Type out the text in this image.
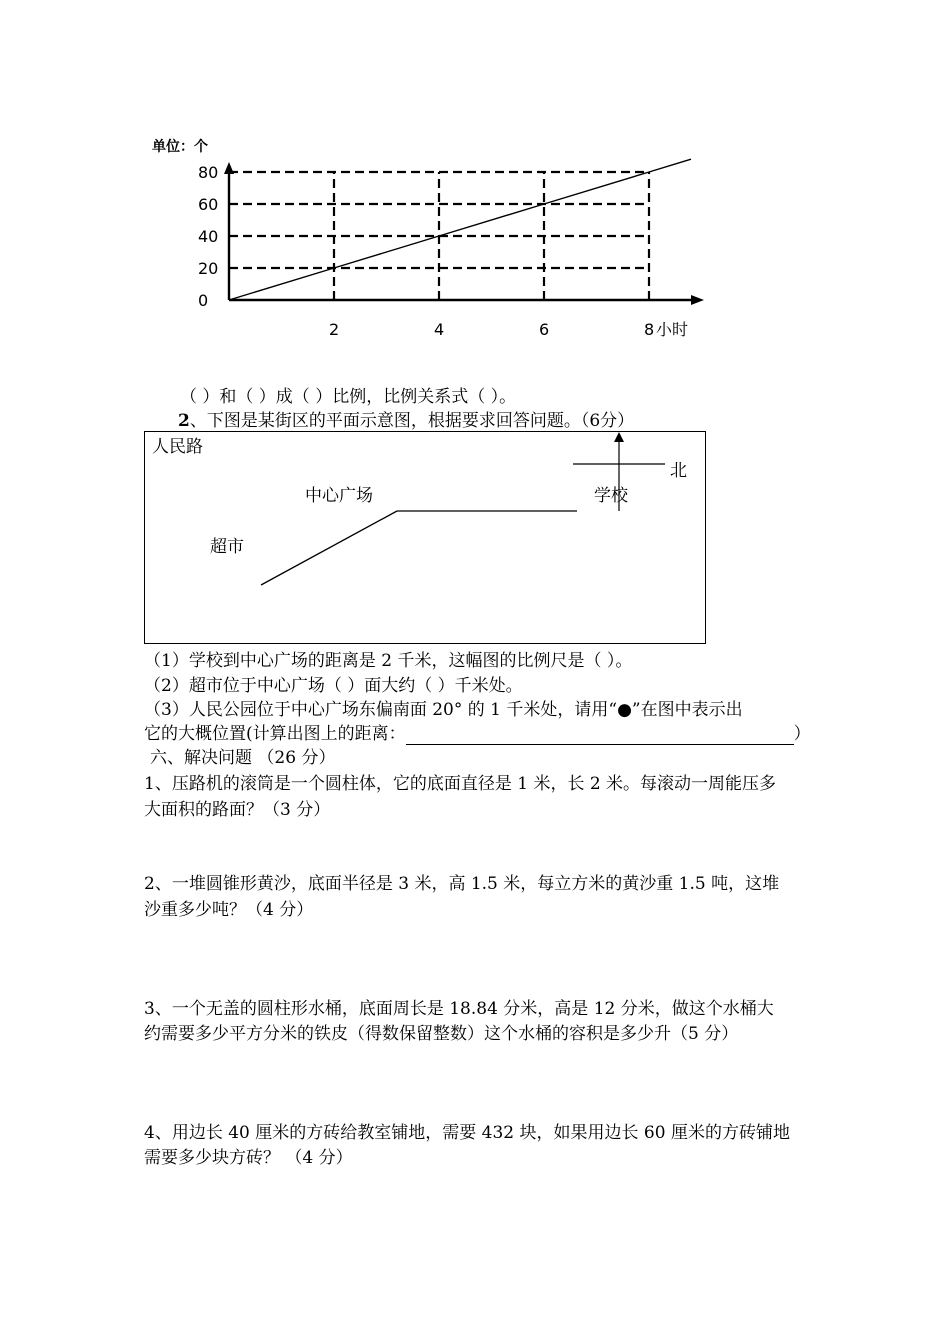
单位：个
0
20
40
60
80
2	4	6	8 小时
（ ）和（ ）成（ ）比例，比例关系式（ ）。
2、下图是某街区的平面示意图，根据要求回答问题。（6分）
人民路
中心广场	学校
超市
北
（1）学校到中心广场的距离是 2 千米，这幅图的比例尺是（ ）。
（2）超市位于中心广场（ ）面大约（ ）千米处。
（3）人民公园位于中心广场东偏南面 20° 的 1 千米处，请用“●”在图中表示出
它的大概位置(计算出图上的距离：	）
六、解决问题 （26 分）
1、压路机的滚筒是一个圆柱体，它的底面直径是 1 米，长 2 米。每滚动一周能压多
大面积的路面？（3 分）
2、一堆圆锥形黄沙，底面半径是 3 米，高 1.5 米，每立方米的黄沙重 1.5 吨，这堆
沙重多少吨？（4 分）
3、一个无盖的圆柱形水桶，底面周长是 18.84 分米，高是 12 分米，做这个水桶大
约需要多少平方分米的铁皮（得数保留整数）这个水桶的容积是多少升（5 分）
4、用边长 40 厘米的方砖给教室铺地，需要 432 块，如果用边长 60 厘米的方砖铺地
需要多少块方砖？ （4 分）
